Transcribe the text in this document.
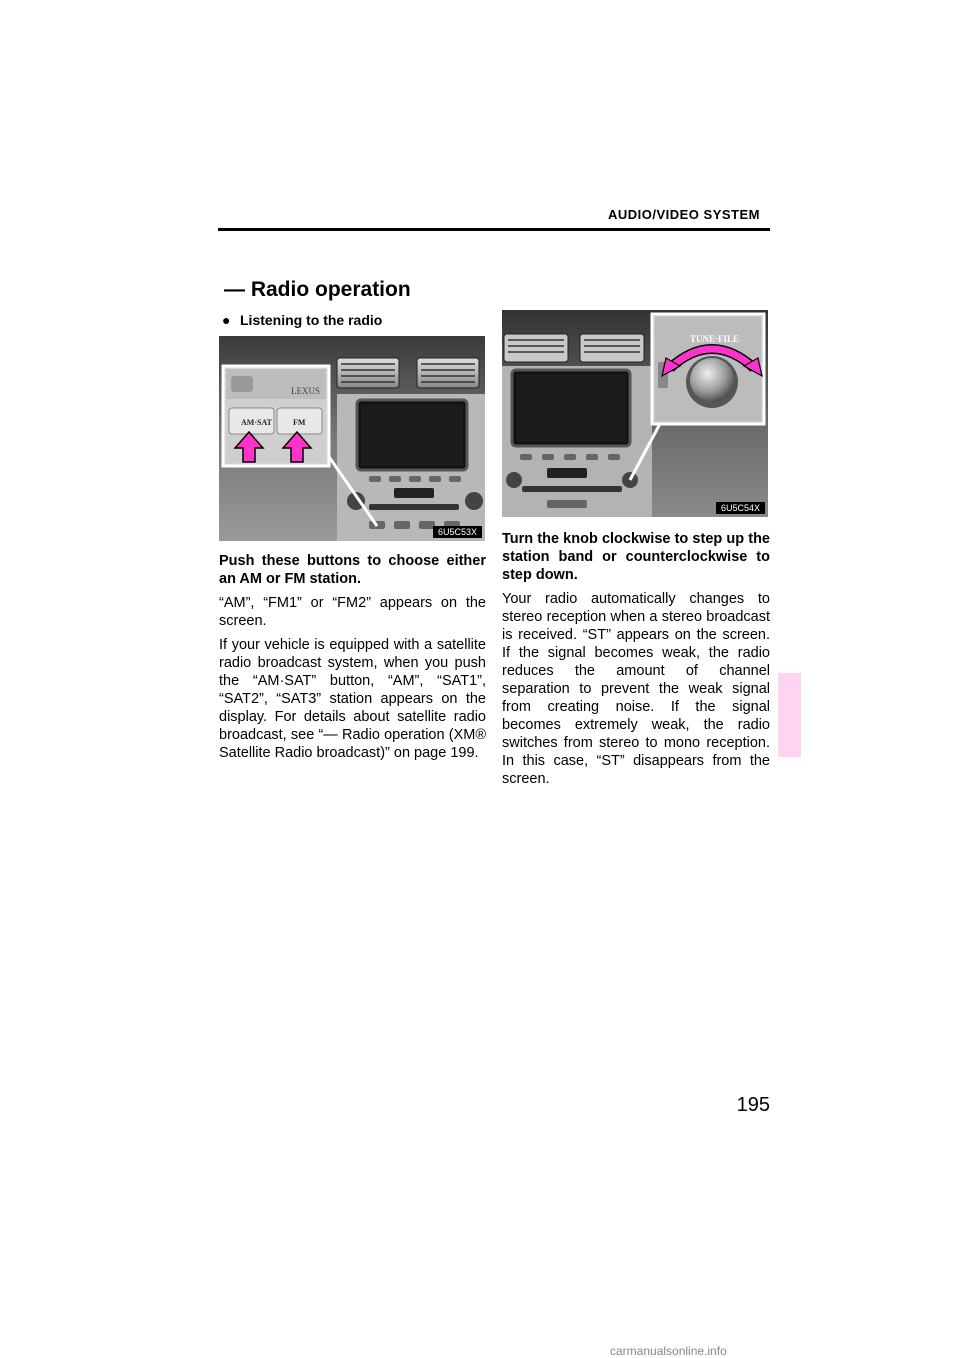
AUDIO/VIDEO SYSTEM
— Radio operation
● Listening to the radio
LEXUS
AM·SAT	FM
6U5C53X
TUNE·FILE
6U5C54X
Push these buttons to choose either an AM or FM station.
“AM”, “FM1” or “FM2” appears on the screen.
If your vehicle is equipped with a satellite radio broadcast system, when you push the “AM·SAT” button, “AM”, “SAT1”, “SAT2”, “SAT3” station appears on the display. For details about satellite radio broadcast, see “— Radio operation (XM® Satellite Radio broadcast)” on page 199.
Turn the knob clockwise to step up the station band or counterclockwise to step down.
Your radio automatically changes to stereo reception when a stereo broadcast is received. “ST” appears on the screen. If the signal becomes weak, the radio reduces the amount of channel separation to prevent the weak signal from creating noise. If the signal becomes extremely weak, the radio switches from stereo to mono reception. In this case, “ST” disappears from the screen.
195
carmanualsonline.info
